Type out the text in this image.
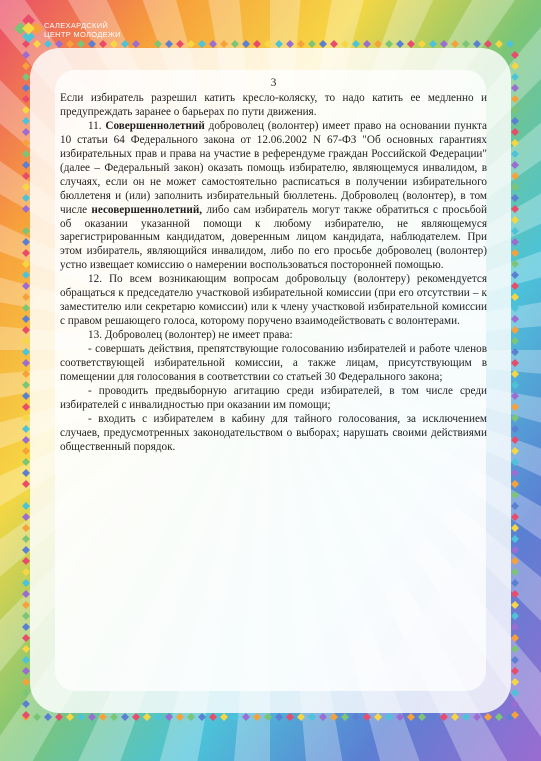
САЛЕХАРДСКИЙ
ЦЕНТР МОЛОДЕЖИ
3

Если избиратель разрешил катить кресло-коляску, то надо катить ее медленно и предупреждать заранее о барьерах по пути движения.

11. Совершеннолетний доброволец (волонтер) имеет право на основании пункта 10 статьи 64 Федерального закона от 12.06.2002 N 67-ФЗ "Об основных гарантиях избирательных прав и права на участие в референдуме граждан Российской Федерации" (далее – Федеральный закон) оказать помощь избирателю, являющемуся инвалидом, в случаях, если он не может самостоятельно расписаться в получении избирательного бюллетеня и (или) заполнить избирательный бюллетень. Доброволец (волонтер), в том числе несовершеннолетний, либо сам избиратель могут также обратиться с просьбой об оказании указанной помощи к любому избирателю, не являющемуся зарегистрированным кандидатом, доверенным лицом кандидата, наблюдателем. При этом избиратель, являющийся инвалидом, либо по его просьбе доброволец (волонтер) устно извещает комиссию о намерении воспользоваться посторонней помощью.

12. По всем возникающим вопросам добровольцу (волонтеру) рекомендуется обращаться к председателю участковой избирательной комиссии (при его отсутствии – к заместителю или секретарю комиссии) или к члену участковой избирательной комиссии с правом решающего голоса, которому поручено взаимодействовать с волонтерами.

13. Доброволец (волонтер) не имеет права:

- совершать действия, препятствующие голосованию избирателей и работе членов соответствующей избирательной комиссии, а также лицам, присутствующим в помещении для голосования в соответствии со статьей 30 Федерального закона;

- проводить предвыборную агитацию среди избирателей, в том числе среди избирателей с инвалидностью при оказании им помощи;

- входить с избирателем в кабину для тайного голосования, за исключением случаев, предусмотренных законодательством о выборах; нарушать своими действиями общественный порядок.
